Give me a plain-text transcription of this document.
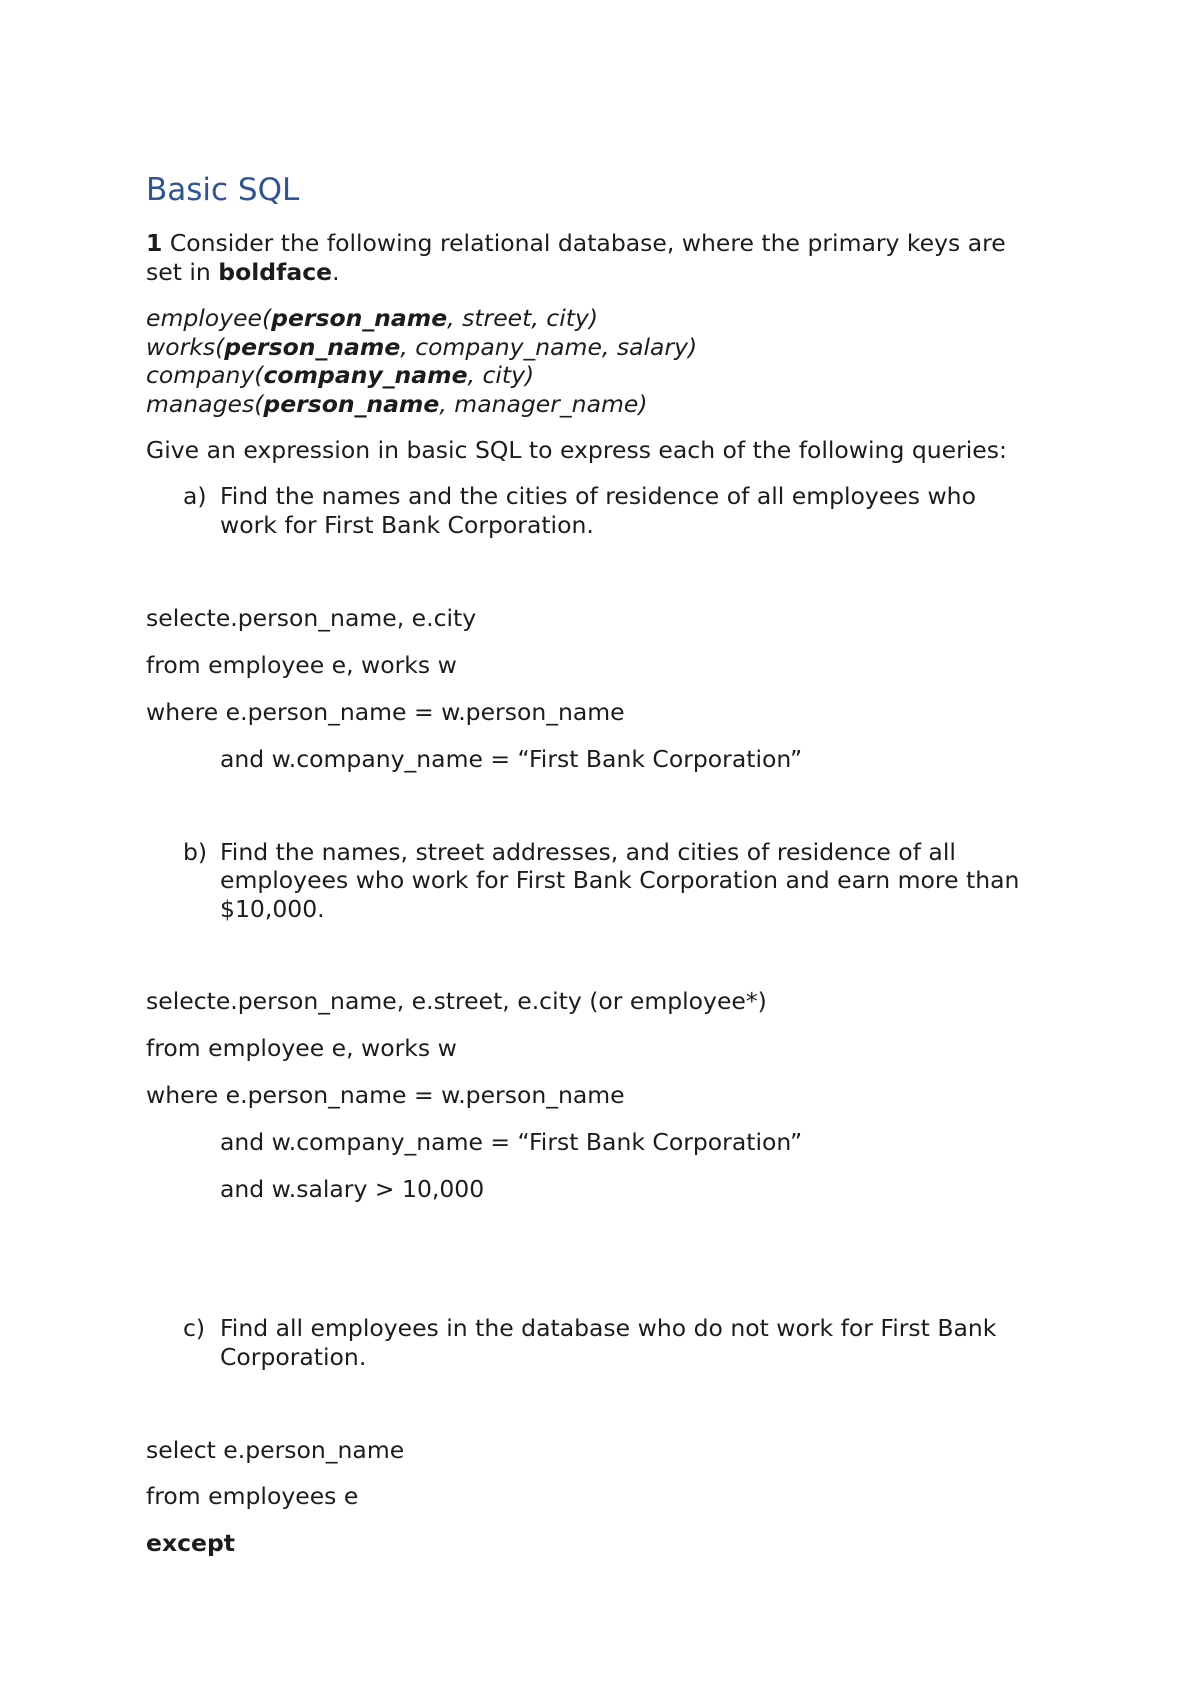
Basic SQL
1 Consider the following relational database, where the primary keys are
set in boldface.
employee(person_name, street, city)
works(person_name, company_name, salary)
company(company_name, city)
manages(person_name, manager_name)
Give an expression in basic SQL to express each of the following queries:
a) Find the names and the cities of residence of all employees who
work for First Bank Corporation.
selecte.person_name, e.city
from employee e, works w
where e.person_name = w.person_name
and w.company_name = “First Bank Corporation”
b) Find the names, street addresses, and cities of residence of all
employees who work for First Bank Corporation and earn more than
$10,000.
selecte.person_name, e.street, e.city (or employee*)
from employee e, works w
where e.person_name = w.person_name
and w.company_name = “First Bank Corporation”
and w.salary > 10,000
c) Find all employees in the database who do not work for First Bank
Corporation.
select e.person_name
from employees e
except
